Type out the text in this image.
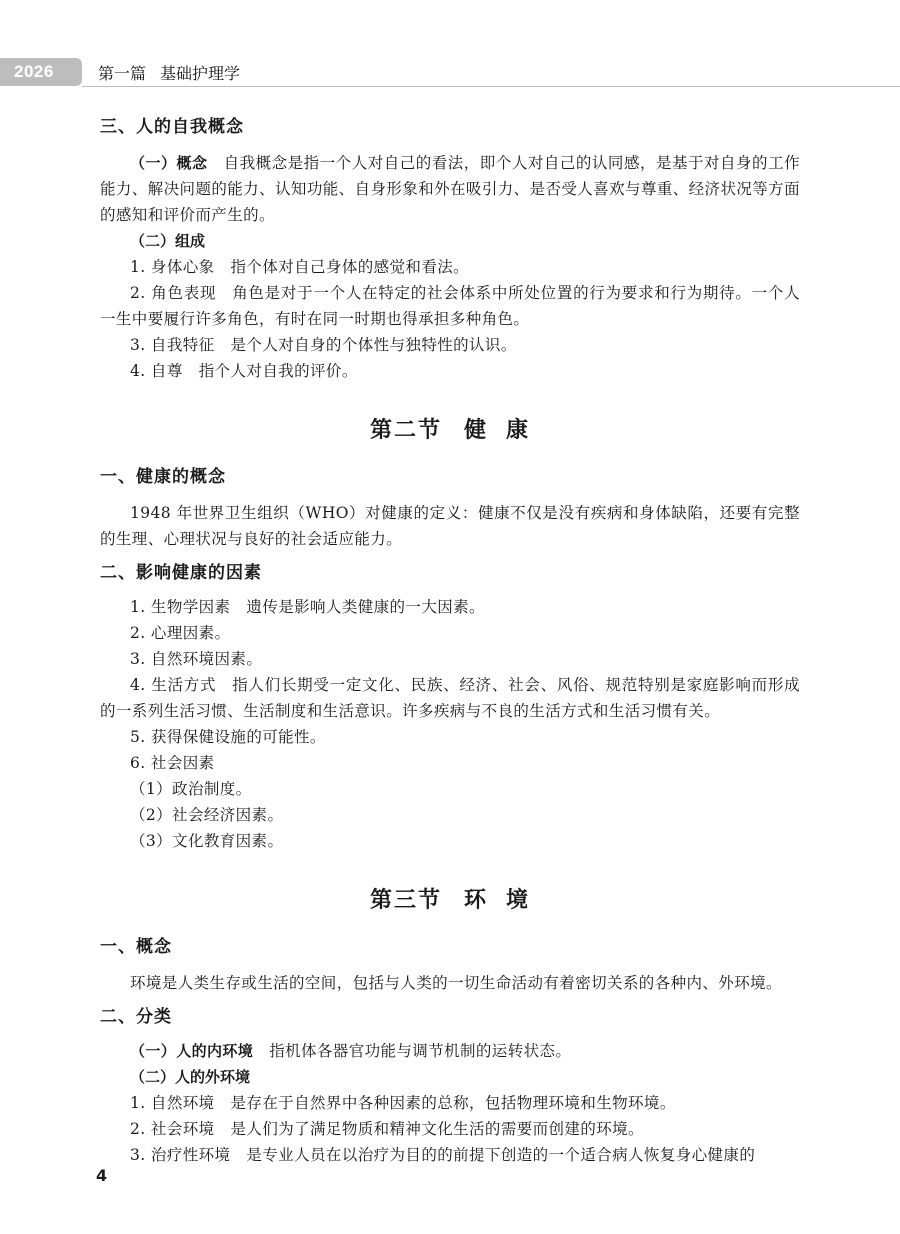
2026	第一篇 基础护理学

三、人的自我概念

（一）概念 自我概念是指一个人对自己的看法，即个人对自己的认同感，是基于对自身的工作能力、解决问题的能力、认知功能、自身形象和外在吸引力、是否受人喜欢与尊重、经济状况等方面的感知和评价而产生的。

（二）组成

1. 身体心象 指个体对自己身体的感觉和看法。

2. 角色表现 角色是对于一个人在特定的社会体系中所处位置的行为要求和行为期待。一个人一生中要履行许多角色，有时在同一时期也得承担多种角色。

3. 自我特征 是个人对自身的个体性与独特性的认识。

4. 自尊 指个人对自我的评价。

第二节 健 康

一、健康的概念

1948 年世界卫生组织（WHO）对健康的定义：健康不仅是没有疾病和身体缺陷，还要有完整的生理、心理状况与良好的社会适应能力。

二、影响健康的因素

1. 生物学因素 遗传是影响人类健康的一大因素。

2. 心理因素。

3. 自然环境因素。

4. 生活方式 指人们长期受一定文化、民族、经济、社会、风俗、规范特别是家庭影响而形成的一系列生活习惯、生活制度和生活意识。许多疾病与不良的生活方式和生活习惯有关。

5. 获得保健设施的可能性。

6. 社会因素

（1）政治制度。

（2）社会经济因素。

（3）文化教育因素。

第三节 环 境

一、概念

环境是人类生存或生活的空间，包括与人类的一切生命活动有着密切关系的各种内、外环境。

二、分类

（一）人的内环境 指机体各器官功能与调节机制的运转状态。

（二）人的外环境

1. 自然环境 是存在于自然界中各种因素的总称，包括物理环境和生物环境。

2. 社会环境 是人们为了满足物质和精神文化生活的需要而创建的环境。

3. 治疗性环境 是专业人员在以治疗为目的的前提下创造的一个适合病人恢复身心健康的

4
